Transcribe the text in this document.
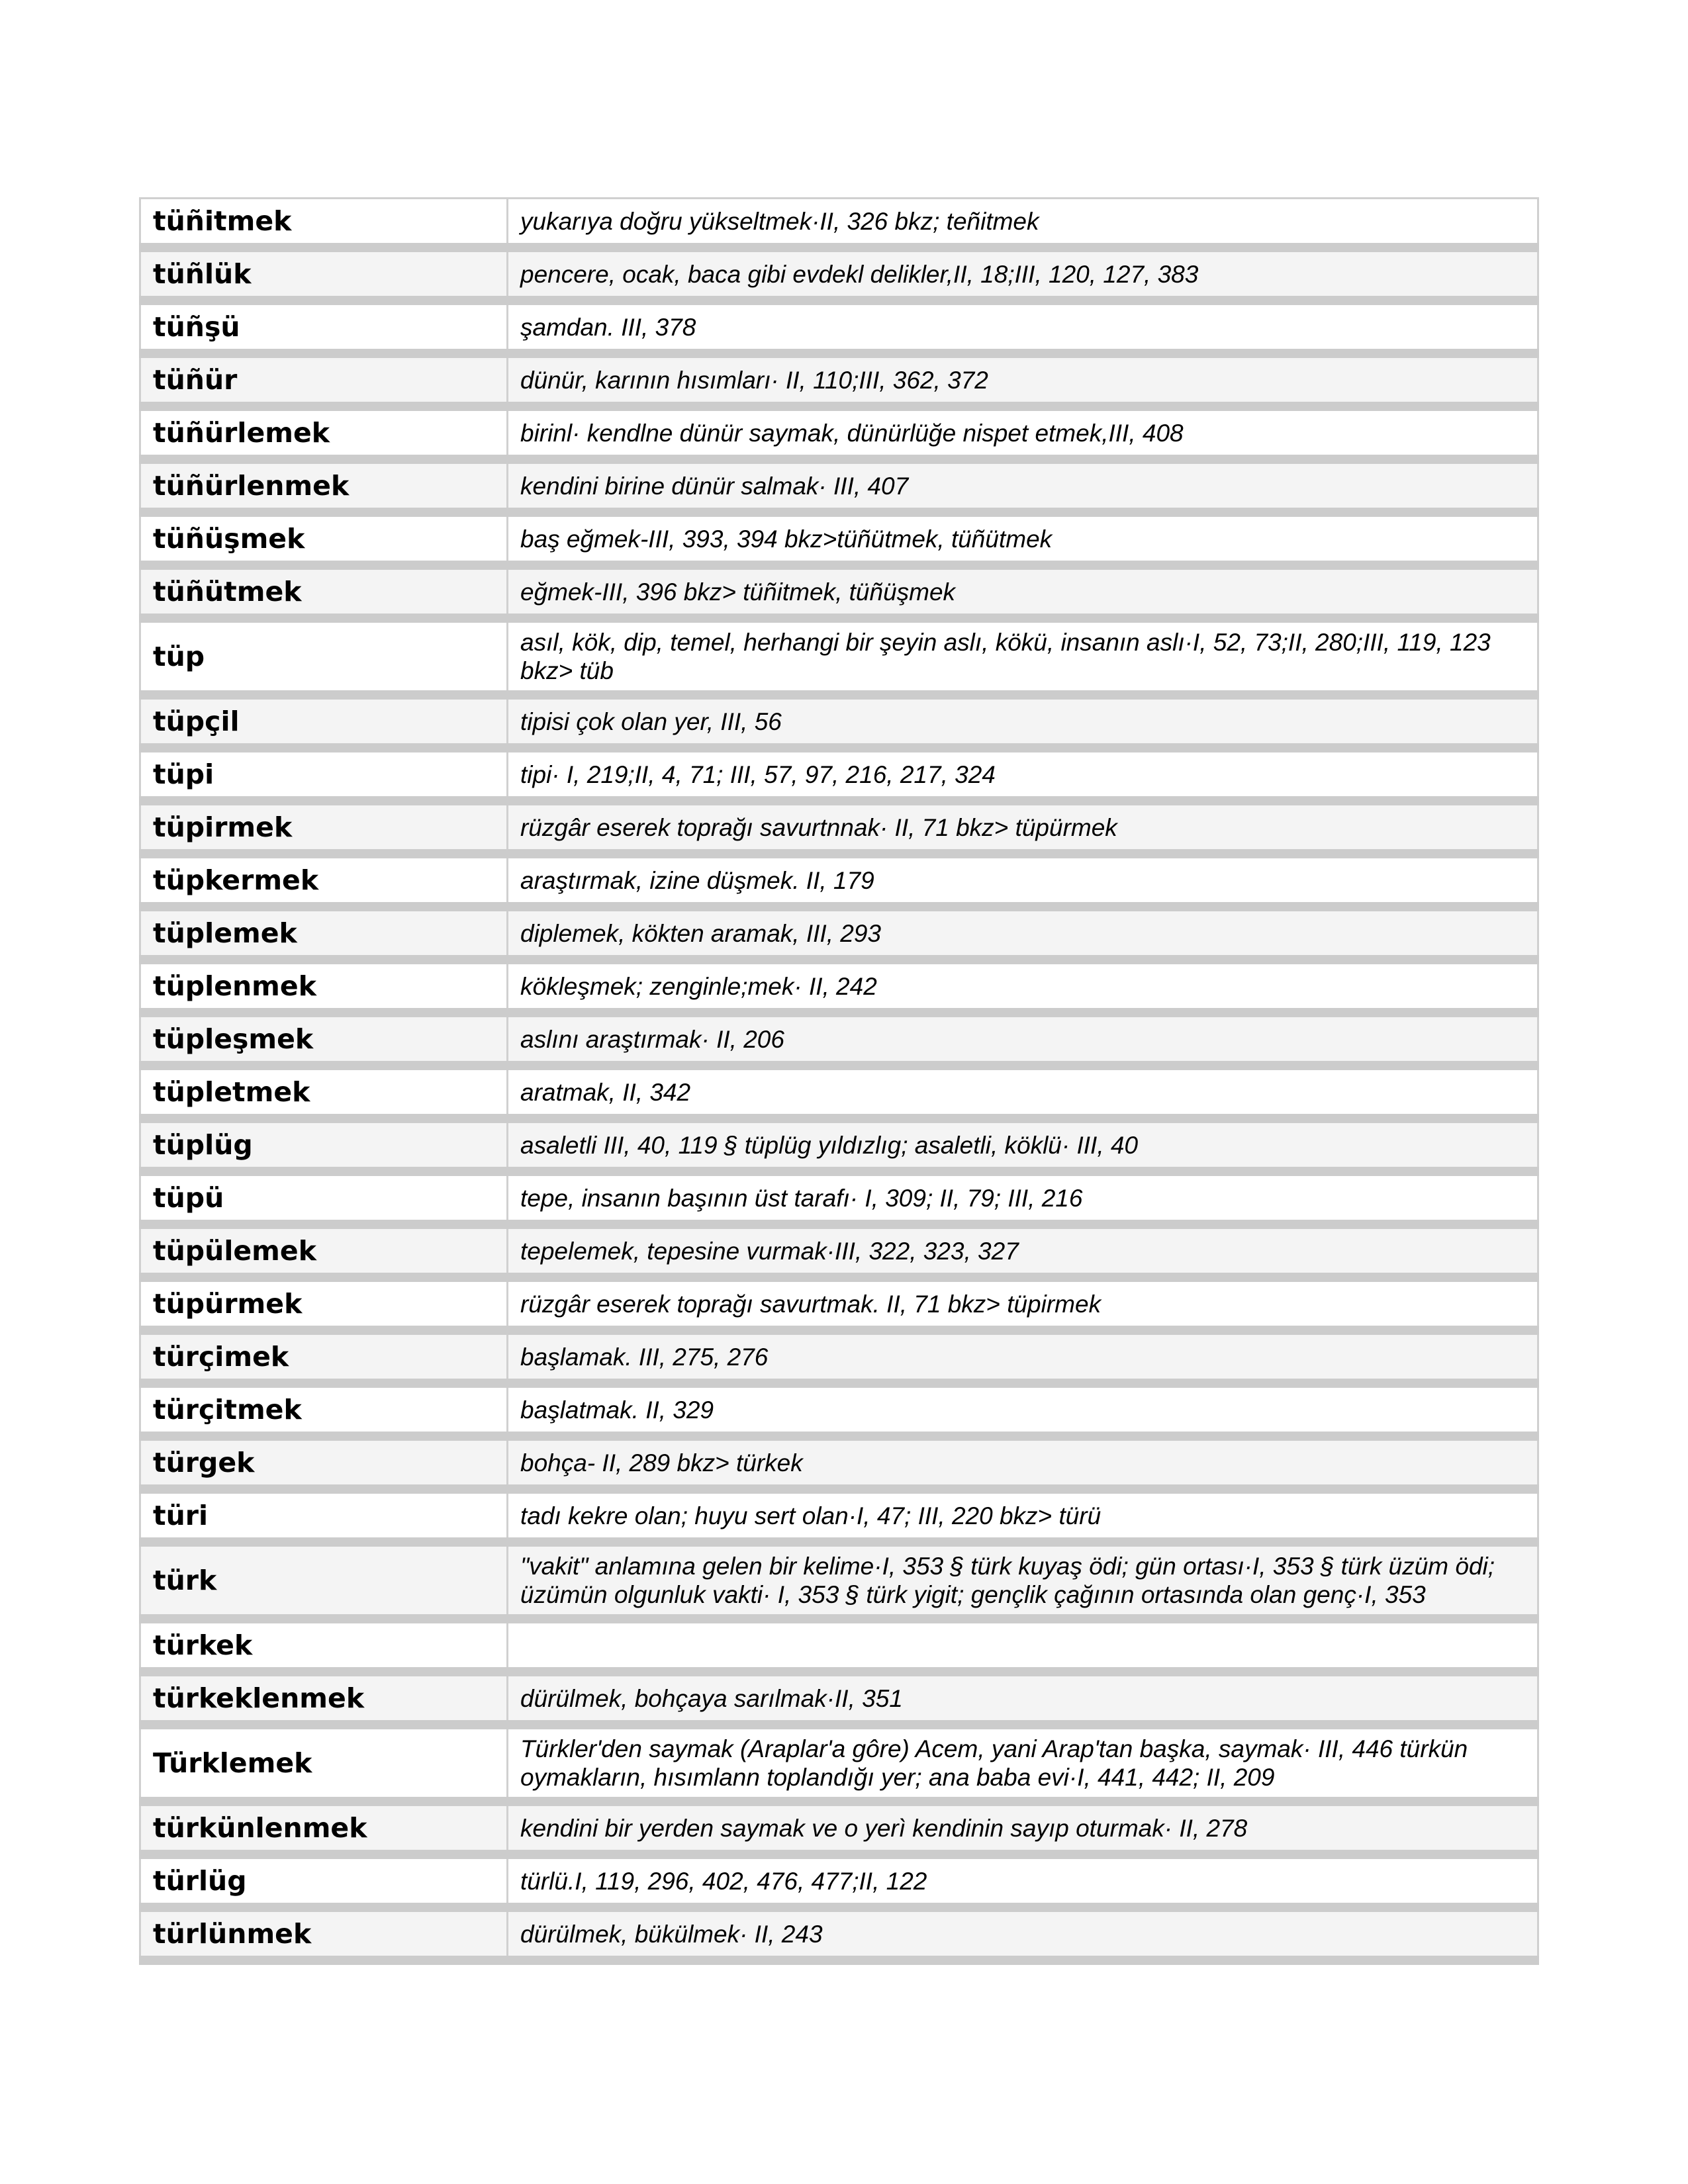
tüñitmek	yukarıya doğru yükseltmek·II, 326 bkz; teñitmek
tüñlük	pencere, ocak, baca gibi evdekl delikler,II, 18;III, 120, 127, 383
tüñşü	şamdan. III, 378
tüñür	dünür, karının hısımları· II, 110;III, 362, 372
tüñürlemek	birinl· kendlne dünür saymak, dünürlüğe nispet etmek,III, 408
tüñürlenmek	kendini birine dünür salmak· III, 407
tüñüşmek	baş eğmek-III, 393, 394 bkz>tüñütmek, tüñütmek
tüñütmek	eğmek-III, 396 bkz> tüñitmek, tüñüşmek
tüp	asıl, kök, dip, temel, herhangi bir şeyin aslı, kökü, insanın aslı·I, 52, 73;II, 280;III, 119, 123 bkz> tüb
tüpçil	tipisi çok olan yer, III, 56
tüpi	tipi· I, 219;II, 4, 71; III, 57, 97, 216, 217, 324
tüpirmek	rüzgâr eserek toprağı savurtnnak· II, 71 bkz> tüpürmek
tüpkermek	araştırmak, izine düşmek. II, 179
tüplemek	diplemek, kökten aramak, III, 293
tüplenmek	kökleşmek; zenginle;mek· II, 242
tüpleşmek	aslını araştırmak· II, 206
tüpletmek	aratmak, II, 342
tüplüg	asaletli III, 40, 119 § tüplüg yıldızlıg; asaletli, köklü· III, 40
tüpü	tepe, insanın başının üst tarafı· I, 309; II, 79; III, 216
tüpülemek	tepelemek, tepesine vurmak·III, 322, 323, 327
tüpürmek	rüzgâr eserek toprağı savurtmak. II, 71 bkz> tüpirmek
türçimek	başlamak. III, 275, 276
türçitmek	başlatmak. II, 329
türgek	bohça- II, 289 bkz> türkek
türi	tadı kekre olan; huyu sert olan·I, 47; III, 220 bkz> türü
türk	"vakit" anlamına gelen bir kelime·I, 353 § türk kuyaş ödi; gün ortası·I, 353 § türk üzüm ödi; üzümün olgunluk vakti· I, 353 § türk yigit; gençlik çağının ortasında olan genç·I, 353
türkek	
türkeklenmek	dürülmek, bohçaya sarılmak·II, 351
Türklemek	Türkler'den saymak (Araplar'a gôre) Acem, yani Arap'tan başka, saymak· III, 446 türkün oymakların, hısımlann toplandığı yer; ana baba evi·I, 441, 442; II, 209
türkünlenmek	kendini bir yerden saymak ve o yerì kendinin sayıp oturmak· II, 278
türlüg	türlü.I, 119, 296, 402, 476, 477;II, 122
türlünmek	dürülmek, bükülmek· II, 243
